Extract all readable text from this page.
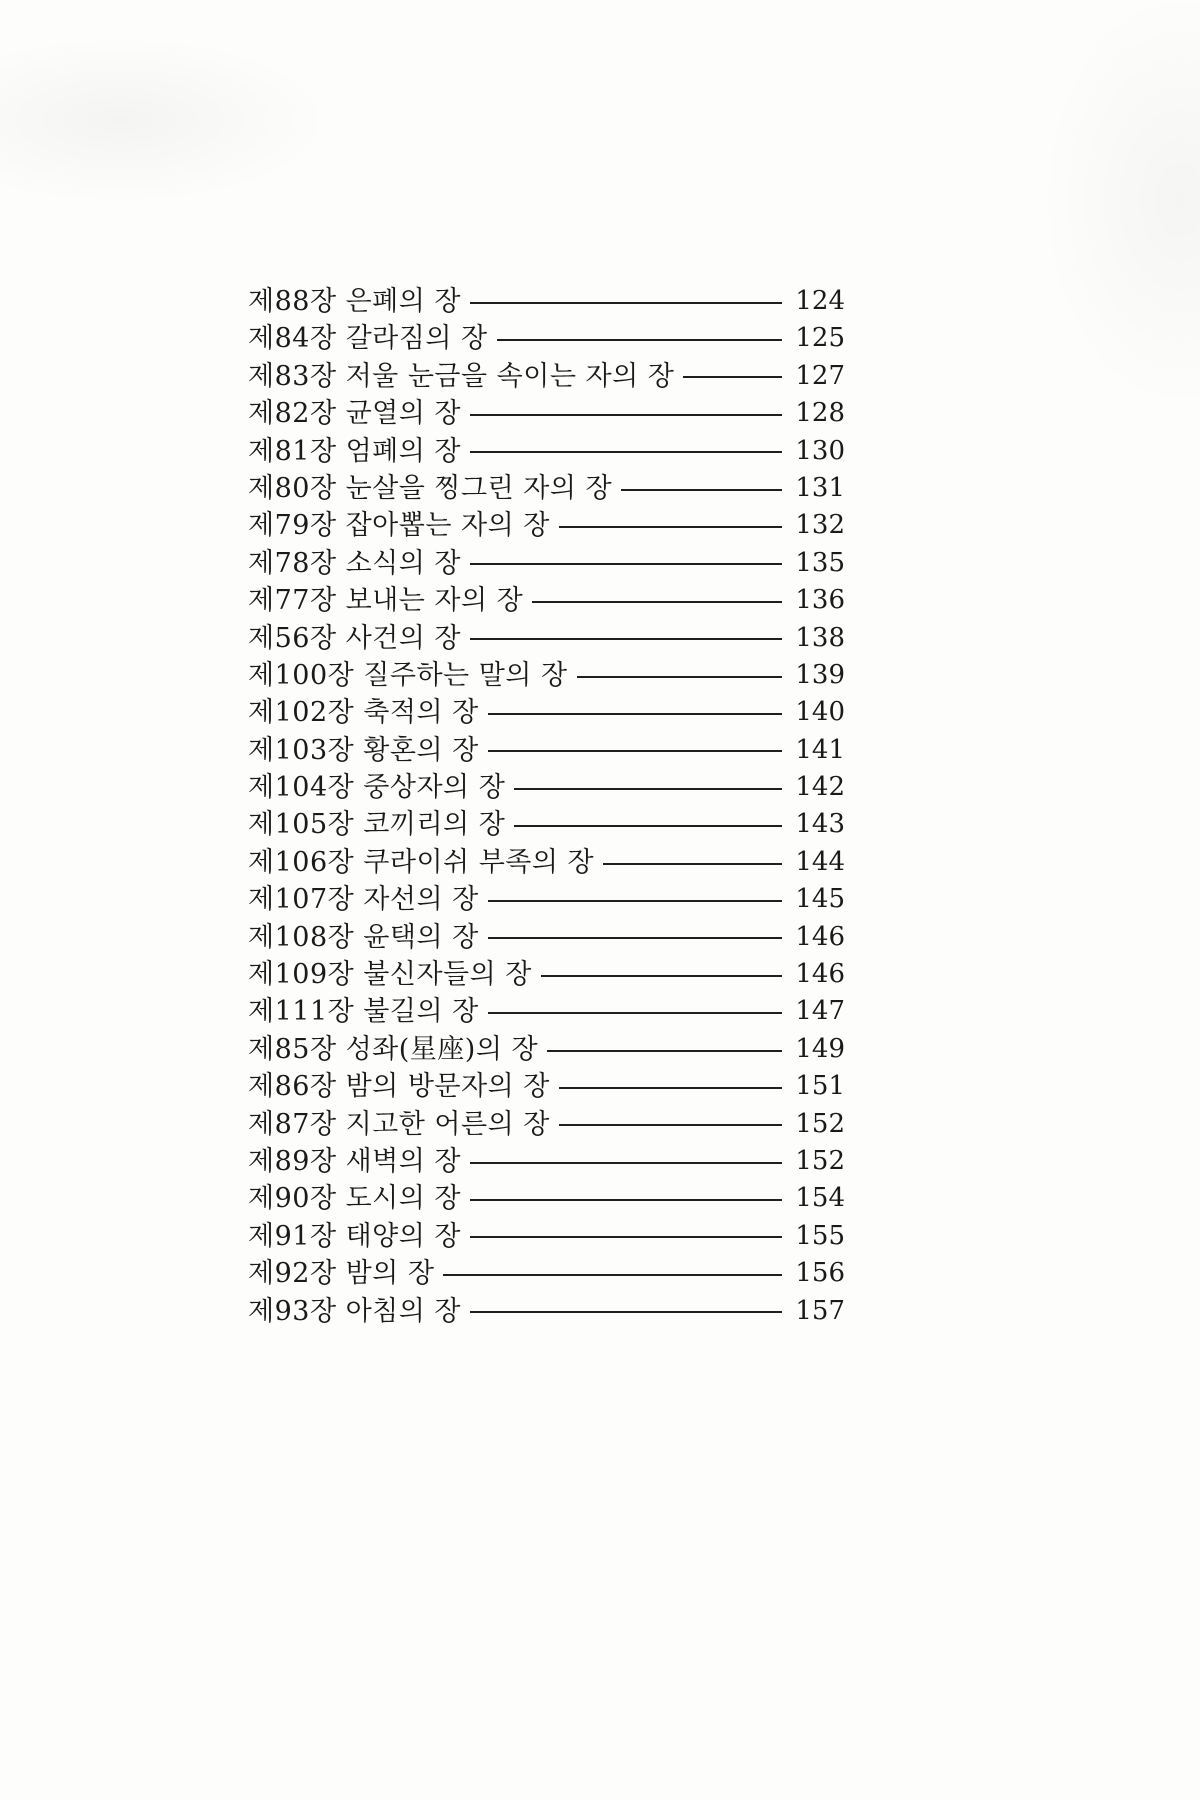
제88장 은폐의 장	124
제84장 갈라짐의 장	125
제83장 저울 눈금을 속이는 자의 장	127
제82장 균열의 장	128
제81장 엄폐의 장	130
제80장 눈살을 찡그린 자의 장	131
제79장 잡아뽑는 자의 장	132
제78장 소식의 장	135
제77장 보내는 자의 장	136
제56장 사건의 장	138
제100장 질주하는 말의 장	139
제102장 축적의 장	140
제103장 황혼의 장	141
제104장 중상자의 장	142
제105장 코끼리의 장	143
제106장 쿠라이쉬 부족의 장	144
제107장 자선의 장	145
제108장 윤택의 장	146
제109장 불신자들의 장	146
제111장 불길의 장	147
제85장 성좌(星座)의 장	149
제86장 밤의 방문자의 장	151
제87장 지고한 어른의 장	152
제89장 새벽의 장	152
제90장 도시의 장	154
제91장 태양의 장	155
제92장 밤의 장	156
제93장 아침의 장	157
